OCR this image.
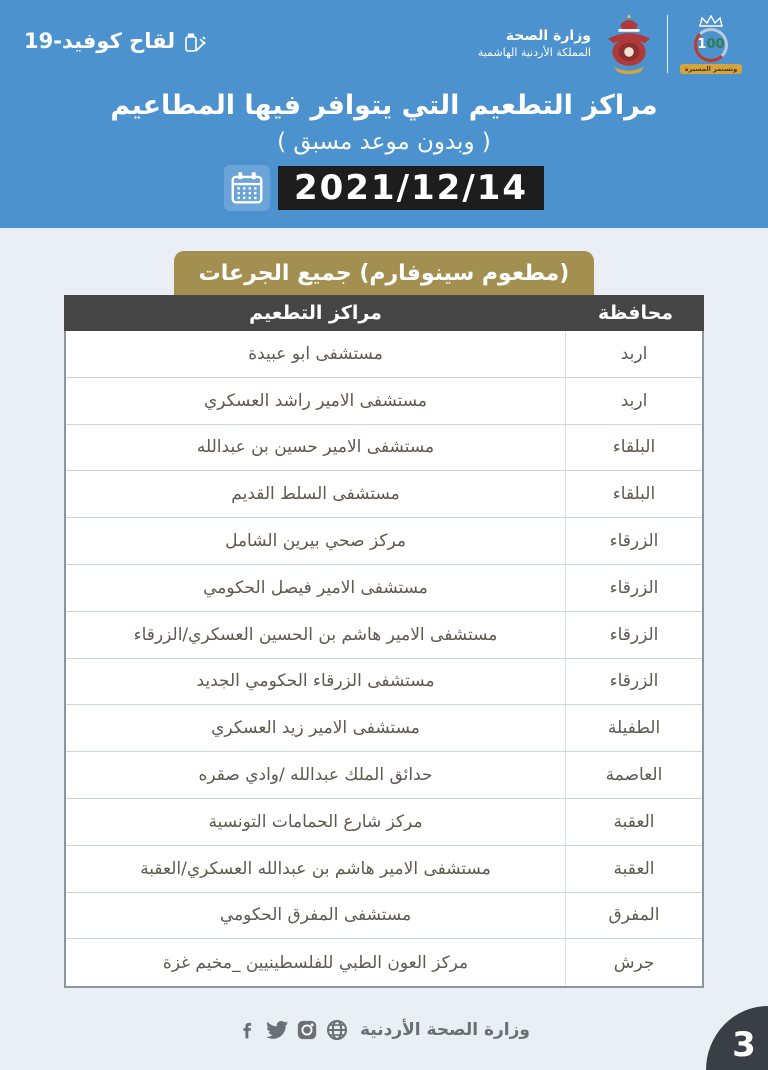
1 00
وتستمر المسيرة
وزارة الصحة
المملكة الأردنية الهاشمية
لقاح كوفيد-19
مراكز التطعيم التي يتوافر فيها المطاعيم
( وبدون موعد مسبق )
2021/12/14
(مطعوم سينوفارم) جميع الجرعات
محافظة
مراكز التطعيم
اربد
مستشفى ابو عبيدة
اربد
مستشفى الامير راشد العسكري
البلقاء
مستشفى الامير حسين بن عبدالله
البلقاء
مستشفى السلط القديم
الزرقاء
مركز صحي بيرين الشامل
الزرقاء
مستشفى الامير فيصل الحكومي
الزرقاء
مستشفى الامير هاشم بن الحسين العسكري/الزرقاء
الزرقاء
مستشفى الزرقاء الحكومي الجديد
الطفيلة
مستشفى الامير زيد العسكري
العاصمة
حدائق الملك عبدالله /وادي صقره
العقبة
مركز شارع الحمامات التونسية
العقبة
مستشفى الامير هاشم بن عبدالله العسكري/العقبة
المفرق
مستشفى المفرق الحكومي
جرش
مركز العون الطبي للفلسطينيين _مخيم غزة
وزارة الصحة الأردنية	3
